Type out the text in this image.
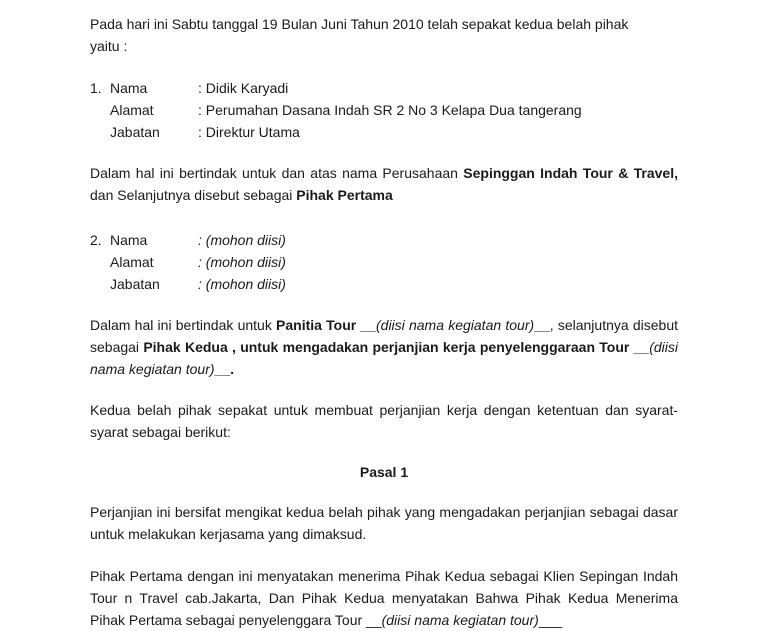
Pada hari ini Sabtu tanggal 19 Bulan Juni Tahun 2010 telah sepakat kedua belah pihak
yaitu :

1. Nama	: Didik Karyadi
Alamat	: Perumahan Dasana Indah SR 2 No 3 Kelapa Dua tangerang
Jabatan	: Direktur Utama

Dalam hal ini bertindak untuk dan atas nama Perusahaan Sepinggan Indah Tour & Travel, dan Selanjutnya disebut sebagai Pihak Pertama

2. Nama	: (mohon diisi)
Alamat	: (mohon diisi)
Jabatan	: (mohon diisi)

Dalam hal ini bertindak untuk Panitia Tour __(diisi nama kegiatan tour)__, selanjutnya disebut sebagai Pihak Kedua , untuk mengadakan perjanjian kerja penyelenggaraan Tour __(diisi nama kegiatan tour)__.

Kedua belah pihak sepakat untuk membuat perjanjian kerja dengan ketentuan dan syarat-syarat sebagai berikut:

Pasal 1

Perjanjian ini bersifat mengikat kedua belah pihak yang mengadakan perjanjian sebagai dasar untuk melakukan kerjasama yang dimaksud.

Pihak Pertama dengan ini menyatakan menerima Pihak Kedua sebagai Klien Sepingan Indah Tour n Travel cab.Jakarta, Dan Pihak Kedua menyatakan Bahwa Pihak Kedua Menerima Pihak Pertama sebagai penyelenggara Tour __(diisi nama kegiatan tour)___
